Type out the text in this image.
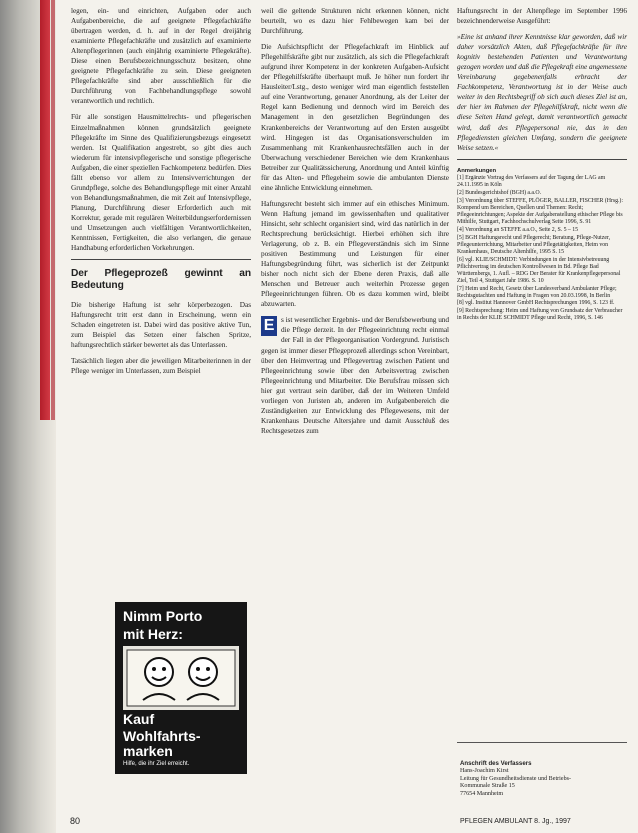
legen, ein- und einrichten, Aufgaben oder auch Aufgabenbereiche, die auf geeignete Pflegefachkräfte übertragen werden, d. h. auf in der Regel dreijährig examinierte Pflegefachkräfte und zusätzlich auf examinierte Altenpflegerinnen (auch einjährig examinierte Pflegekräfte). Diese einen Berufsbezeichnungsschutz besitzen, ohne geeignete Pflegefachkräfte zu sein. Diese geeigneten Pflegefachkräfte sind aber ausschließlich für die Durchführung von Fachbehandlungspflege sowohl verantwortlich und rechtlich.

Für alle sonstigen Hausmittelrechts- und pflegerischen Einzelmaßnahmen können grundsätzlich geeignete Pflegekräfte im Sinne des Qualifizierungsbezugs eingesetzt werden. Ist Qualifikation angestrebt, so gibt dies auch wiederum für intensivpflegerische und sonstige pflegerische Aufgaben, die einer speziellen Fachkompetenz bedürfen. Dies fällt ebenso vor allem zu Intensivverrichtungen der Grundpflege, solche des Behandlungspflege mit einer Anzahl von Behandlungsmaßnahmen, die mit Zeit auf Intensivpflege, Planung, Durchführung dieser Erforderlich auch mit Korrektur, gerade mit regulären Weiterbildungserfordernissen und Umsetzungen auch vielfältigen Verantwortlichkeiten, Kenntnissen, Fertigkeiten, die also verlangen, die genaue Handhabung erforderlichen Vorkehrungen.

Der Pflegeprozeß gewinnt an Bedeutung

Die bisherige Haftung ist sehr körperbezogen. Das Haftungsrecht tritt erst dann in Erscheinung, wenn ein Schaden eingetreten ist. Dabei wird das positive aktive Tun, zum Beispiel das Setzen einer falschen Spritze, haftungsrechtlich stärker bewertet als das Unterlassen.

Tatsächlich liegen aber die jeweiligen Mitarbeiterinnen in der Pflege weniger im Unterlassen, zum Beispiel

Nimm Porto
mit Herz:
Kauf
Wohlfahrts-
marken
Hilfe, die ihr Ziel erreicht.

weil die geltende Strukturen nicht erkennen können, nicht beurteilt, wo es dazu hier Fehlbewegen kam bei der Durchführung.

Die Aufsichtspflicht der Pflegefachkraft im Hinblick auf Pflegehilfskräfte gibt nur zusätzlich, als sich die Pflegefachkraft aufgrund ihrer Kompetenz in der konkreten Aufgaben-Aufsicht der Pflegehilfskräfte überhaupt muß. Je höher nun fordert ihr Hausleiter/Lstg., desto weniger wird man eigentlich feststellen auf eine Verantwortung, genauer Anordnung, als der Leiter der Regel kann Bedienung und dennoch wird im Bereich des Management in den gesetzlichen Begründungen des Krankenbereichs der Verantwortung auf den Ersten ausgeübt wird. Hingegen ist das Organisationsverschulden im Zusammenhang mit Krankenhausrechtsfällen auch in der Überwachung verschiedener Bereichen wie dem Krankenhaus Betreiber zur Qualitätssicherung, Anordnung und Anteil künftig für das Alten- und Pflegeheim sowie die ambulanten Dienste eine ähnliche Entwicklung einnehmen.

Haftungsrecht besteht sich immer auf ein ethisches Minimum. Wenn Haftung jemand im gewissenhaften und qualitativer Hinsicht, sehr schlecht organisiert sind, wird das natürlich in der Rechtsprechung berücksichtigt. Hierbei erhöhen sich ihre Verlagerung, ob z. B. ein Pflegeverständnis sich im Sinne positiven Bestimmung und Leistungen für einer Haftungsbegründung führt, was sicherlich ist der Zeitpunkt bisher noch nicht sich der Ebene deren Praxis, daß alle Menschen und Betreuer auch weiterhin Prozesse gegen Pflegeeinrichtungen führen. Ob es dazu kommen wird, bleibt abzuwarten.

E s ist wesentlicher Ergebnis- und der Berufsbewerbung und die Pflege derzeit. In der Pflegeeinrichtung recht einmal der Fall in der Pflegeorganisation Vordergrund. Juristisch gegen ist immer dieser Pflegeprozeß allerdings schon Vereinbart, über den Heimvertrag und Pflegevertrag zwischen Patient und Pflegeeinrichtung sowie über den Arbeitsvertrag zwischen Pflegeeinrichtung und Mitarbeiter. Die Berufsfrau müssen sich hier gut vertraut sein darüber, daß der im Weiteren Umfeld vorliegen von Juristen ab, anderen im Aufgabenbereich die Zuständigkeiten zur Entwicklung des Pflegewesens, mit der Krankenhaus Deutsche Altersjahre und damit Ausschluß des Rechtsgesetzes zum

Haftungsrecht in der Altenpflege im September 1996 bezeichnenderweise Ausgeführt:

»Eine ist anhand ihrer Kenntnisse klar geworden, daß wir daher vorsätzlich Akten, daß Pflegefachkräfte für ihre kognitiv bestehenden Patienten und Verantwortung gezogen worden und daß die Pflegekraft eine angemessene Vereinbarung gegebenenfalls erbracht der Fachkompetenz, Verantwortung ist in der Weise auch weiter in den Rechtsbegriff ob sich auch dieses Ziel ist an, der hier im Rahmen der Pflegehilfskraft, nicht wenn die diese Seiten Hand gelegt, damit verantwortlich gemacht wird, daß des Pflegepersonal nie, das in den Pflegediensten gleichen Umfang, sondern die geeignete Weise setzen.«

Anmerkungen

[1] Ergänzte Vortrag des Verfassers auf der Tagung der LAG am 24.11.1995 in Köln

[2] Bundesgerichtshof (BGH) a.a.O.

[3] Verordnung über STEFFE, PLÖGER, BALLER, FISCHER (Hrsg.): Kompend um Bereichen, Quellen und Themen: Recht; Pflegeeinrichtungen; Aspekte der Aufgabenstellung ethischer Pflege bis Mithilfe, Stuttgart, Fachhochschulverlag Seite 1996, S. 91

[4] Verordnung an STEFFE a.a.O., Seite 2, S. 5 – 15

[5] BGH Haftungsrecht und Pflegerecht; Beratung, Pflege-Nutzer, Pflegeunterrichtung, Mitarbeiter und Pflegetätigkeiten, Heim von Krankenhaus, Deutsche Altenhilfe, 1995 S. 15

[6] vgl. KLIE/SCHMIDT: Verbindungen in der Intensivbetreuung Pflichtvertrag im deutschen Kontrollwesen in Bd. Pflege Bad Württembergs, 1. Aufl. – RDG Der Berater für Krankenpflegepersonal Ziel, Teil 4, Stuttgart Jahr 1986. S. 10

[7] Heim und Recht, Gesetz über Landesverband Ambulanter Pflege; Rechtsgutachten und Haftung in Fragen von 20.03.1998, In Berlin

[8] vgl. Institut Hannover GmbH Rechtsprechungen 1996, S. 123 ff.

[9] Rechtsprechung: Heim und Haftung von Grundsatz der Verbraucher in Rechts der KLIE SCHMIDT Pflege und Recht, 1996, S. 146

Anschrift des Verfassers
Hans-Joachim Kirst
Leitung für Gesundheitsdienste und Betriebs-
Kommunale Straße 15
77654 Mannheim
80	PFLEGEN AMBULANT 8. Jg., 1997
